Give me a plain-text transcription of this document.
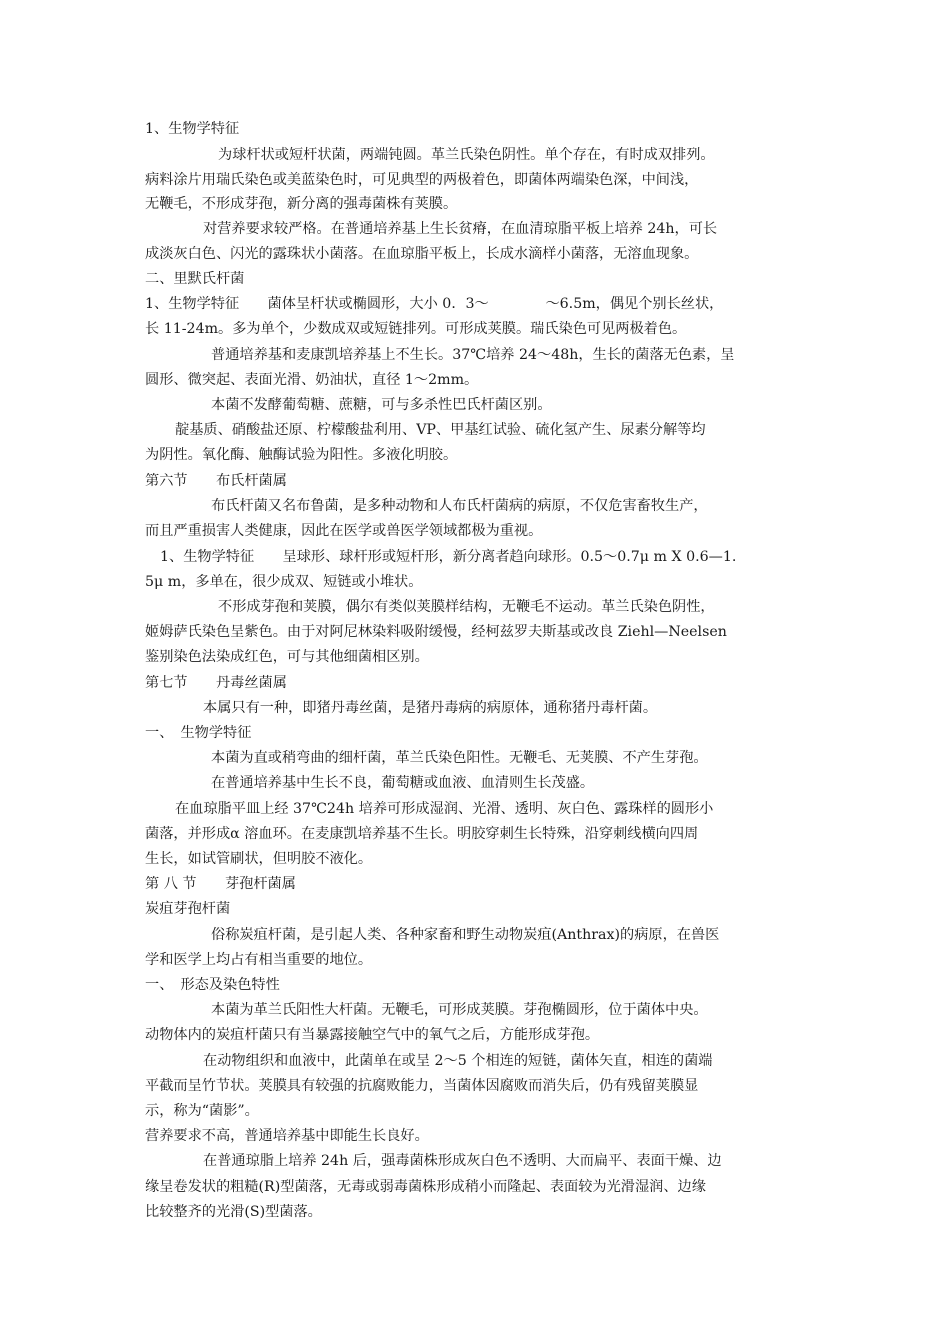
1、生物学特征
为球杆状或短杆状菌，两端钝圆。革兰氏染色阴性。单个存在，有时成双排列。
病料涂片用瑞氏染色或美蓝染色时，可见典型的两极着色，即菌体两端染色深，中间浅，
无鞭毛，不形成芽孢，新分离的强毒菌株有荚膜。
对营养要求较严格。在普通培养基上生长贫瘠，在血清琼脂平板上培养 24h，可长
成淡灰白色、闪光的露珠状小菌落。在血琼脂平板上，长成水滴样小菌落，无溶血现象。
二、里默氏杆菌
1、生物学特征　　菌体呈杆状或椭圆形，大小 0．3～　　　　～6.5m，偶见个别长丝状，
长 11-24m。多为单个，少数成双或短链排列。可形成荚膜。瑞氏染色可见两极着色。
普通培养基和麦康凯培养基上不生长。37℃培养 24～48h，生长的菌落无色素，呈
圆形、微突起、表面光滑、奶油状，直径 1～2mm。
本菌不发酵葡萄糖、蔗糖，可与多杀性巴氏杆菌区别。
靛基质、硝酸盐还原、柠檬酸盐利用、VP、甲基红试验、硫化氢产生、尿素分解等均
为阴性。氧化酶、触酶试验为阳性。多液化明胶。
第六节　　布氏杆菌属
布氏杆菌又名布鲁菌，是多种动物和人布氏杆菌病的病原，不仅危害畜牧生产，
而且严重损害人类健康，因此在医学或兽医学领域都极为重视。
1、生物学特征　　呈球形、球杆形或短杆形，新分离者趋向球形。0.5～0.7μ m X 0.6—1.
5μ m，多单在，很少成双、短链或小堆状。
不形成芽孢和荚膜，偶尔有类似荚膜样结构，无鞭毛不运动。革兰氏染色阴性，
姬姆萨氏染色呈紫色。由于对阿尼林染料吸附缓慢，经柯兹罗夫斯基或改良 Ziehl—Neelsen
鉴别染色法染成红色，可与其他细菌相区别。
第七节　　丹毒丝菌属
本属只有一种，即猪丹毒丝菌，是猪丹毒病的病原体，通称猪丹毒杆菌。
一、　生物学特征
本菌为直或稍弯曲的细杆菌，革兰氏染色阳性。无鞭毛、无荚膜、不产生芽孢。
在普通培养基中生长不良，葡萄糖或血液、血清则生长茂盛。
在血琼脂平皿上经 37℃24h 培养可形成湿润、光滑、透明、灰白色、露珠样的圆形小
菌落，并形成α 溶血环。在麦康凯培养基不生长。明胶穿刺生长特殊，沿穿刺线横向四周
生长，如试管刷状，但明胶不液化。
第 八 节　　芽孢杆菌属
炭疽芽孢杆菌
俗称炭疽杆菌，是引起人类、各种家畜和野生动物炭疽(Anthrax)的病原，在兽医
学和医学上均占有相当重要的地位。
一、　形态及染色特性
本菌为革兰氏阳性大杆菌。无鞭毛，可形成荚膜。芽孢椭圆形，位于菌体中央。
动物体内的炭疽杆菌只有当暴露接触空气中的氧气之后，方能形成芽孢。
在动物组织和血液中，此菌单在或呈 2～5 个相连的短链，菌体矢直，相连的菌端
平截而呈竹节状。荚膜具有较强的抗腐败能力，当菌体因腐败而消失后，仍有残留荚膜显
示，称为“菌影”。
营养要求不高，普通培养基中即能生长良好。
在普通琼脂上培养 24h 后，强毒菌株形成灰白色不透明、大而扁平、表面干燥、边
缘呈卷发状的粗糙(R)型菌落，无毒或弱毒菌株形成稍小而隆起、表面较为光滑湿润、边缘
比较整齐的光滑(S)型菌落。
